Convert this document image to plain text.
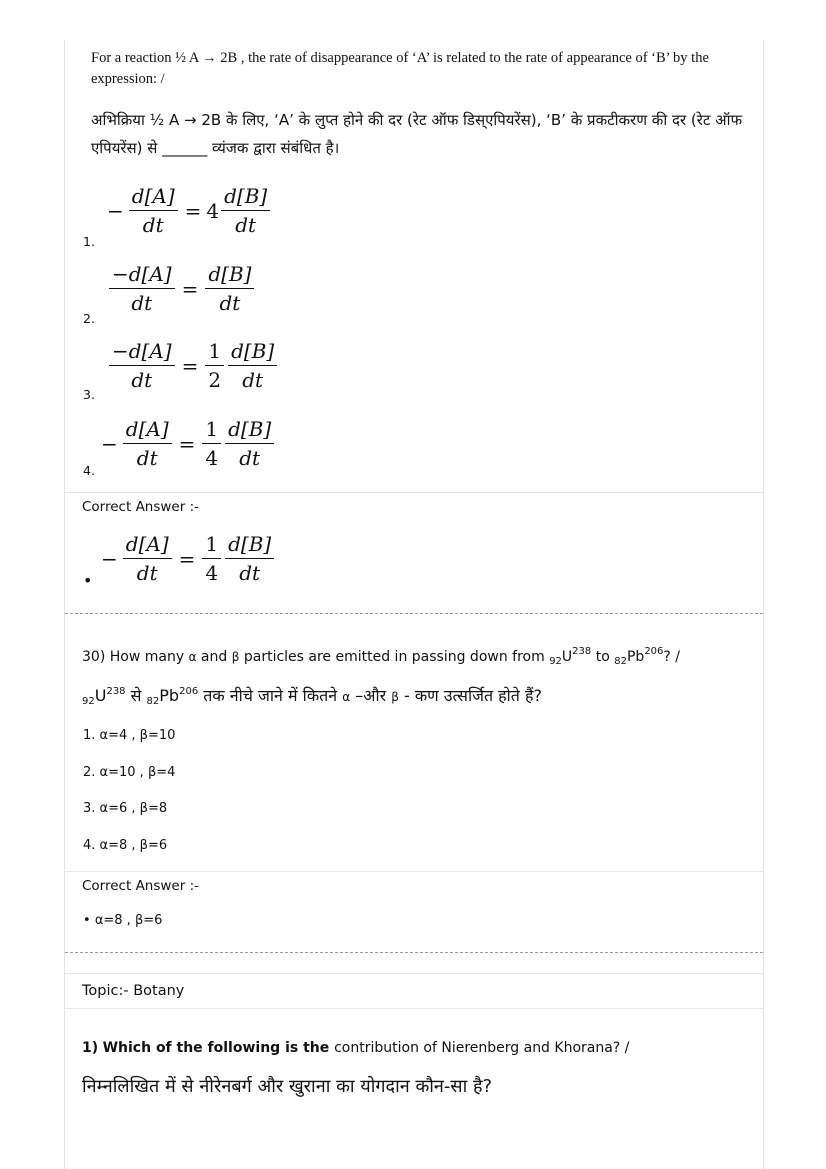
For a reaction ½ A → 2B , the rate of disappearance of ‘A’ is related to the rate of appearance of ‘B’ by the expression: /
अभिक्रिया ½ A → 2B के लिए, ‘A’ के लुप्त होने की दर (रेट ऑफ डिस्एपियरेंस), ‘B’ के प्रकटीकरण की दर (रेट ऑफ एपियरेंस) से ______ व्यंजक द्वारा संबंधित है।
1.
− $\frac{d[A]}{dt} = 4 \frac{d[B]}{dt}$
2.
$\frac{-d[A]}{dt} = \frac{d[B]}{dt}$
3.
$\frac{-d[A]}{dt} = \frac{1}{2} \frac{d[B]}{dt}$
4.
− $\frac{d[A]}{dt} = \frac{1}{4} \frac{d[B]}{dt}$
Correct Answer :-
•
− $\frac{d[A]}{dt} = \frac{1}{4} \frac{d[B]}{dt}$
30) How many α and β particles are emitted in passing down from $_{92}U^{238}$ to $_{82}Pb^{206}$? /
$_{92}U^{238}$ से $_{82}Pb^{206}$ तक नीचे जाने में कितने α –और β - कण उत्सर्जित होते हैं?
1. α=4 , β=10
2. α=10 , β=4
3. α=6 , β=8
4. α=8 , β=6
Correct Answer :-
• α=8 , β=6
Topic:- Botany
1) Which of the following is the contribution of Nierenberg and Khorana? /
निम्नलिखित में से नीरेनबर्ग और खुराना का योगदान कौन-सा है?
